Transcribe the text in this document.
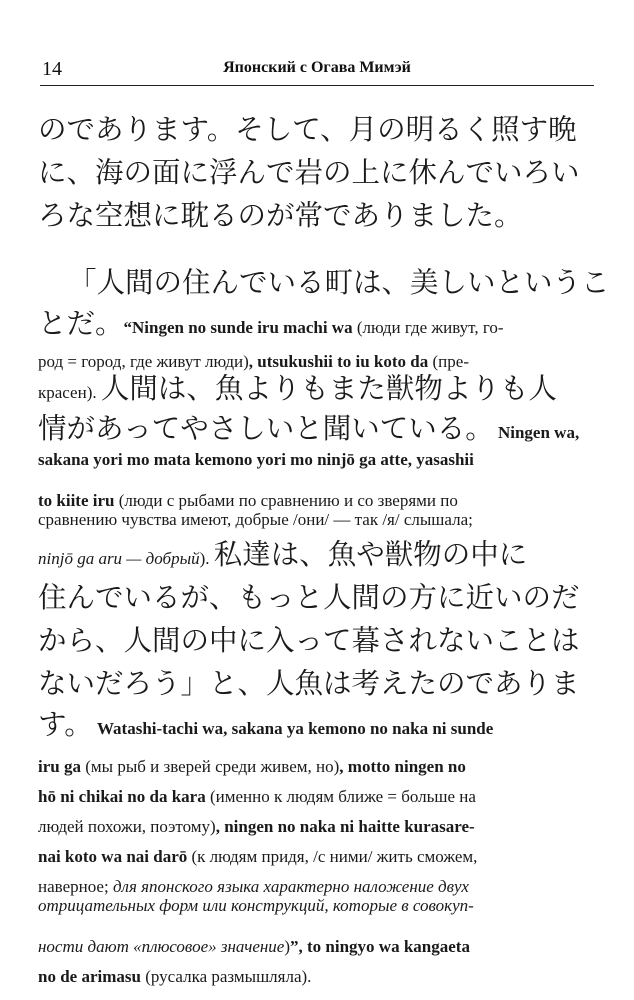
14	Японский с Огава Мимэй
のであります。そして、月の明るく照す晩
に、海の面に浮んで岩の上に休んでいろい
ろな空想に耽るのが常でありました。
「人間の住んでいる町は、美しいというこ
とだ。“Ningen no sunde iru machi wa (люди где живут, го-
род = город, где живут люди), utsukushii to iu koto da (пре-
красен). 人間は、魚よりもまた獣物よりも人
情があってやさしいと聞いている。 Ningen wa,
sakana yori mo mata kemono yori mo ninjō ga atte, yasashii
to kiite iru (люди с рыбами по сравнению и со зверями по
сравнению чувства имеют, добрые /они/ — так /я/ слышала;
ninjō ga aru — добрый). 私達は、魚や獣物の中に
住んでいるが、もっと人間の方に近いのだ
から、人間の中に入って暮されないことは
ないだろう」と、人魚は考えたのでありま
す。 Watashi-tachi wa, sakana ya kemono no naka ni sunde
iru ga (мы рыб и зверей среди живем, но), motto ningen no
hō ni chikai no da kara (именно к людям ближе = больше на
людей похожи, поэтому), ningen no naka ni haitte kurasare-
nai koto wa nai darō (к людям придя, /с ними/ жить сможем,
наверное; для японского языка характерно наложение двух
отрицательных форм или конструкций, которые в совокуп-
ности дают «плюсовое» значение)”, to ningyo wa kangaeta
no de arimasu (русалка размышляла).
